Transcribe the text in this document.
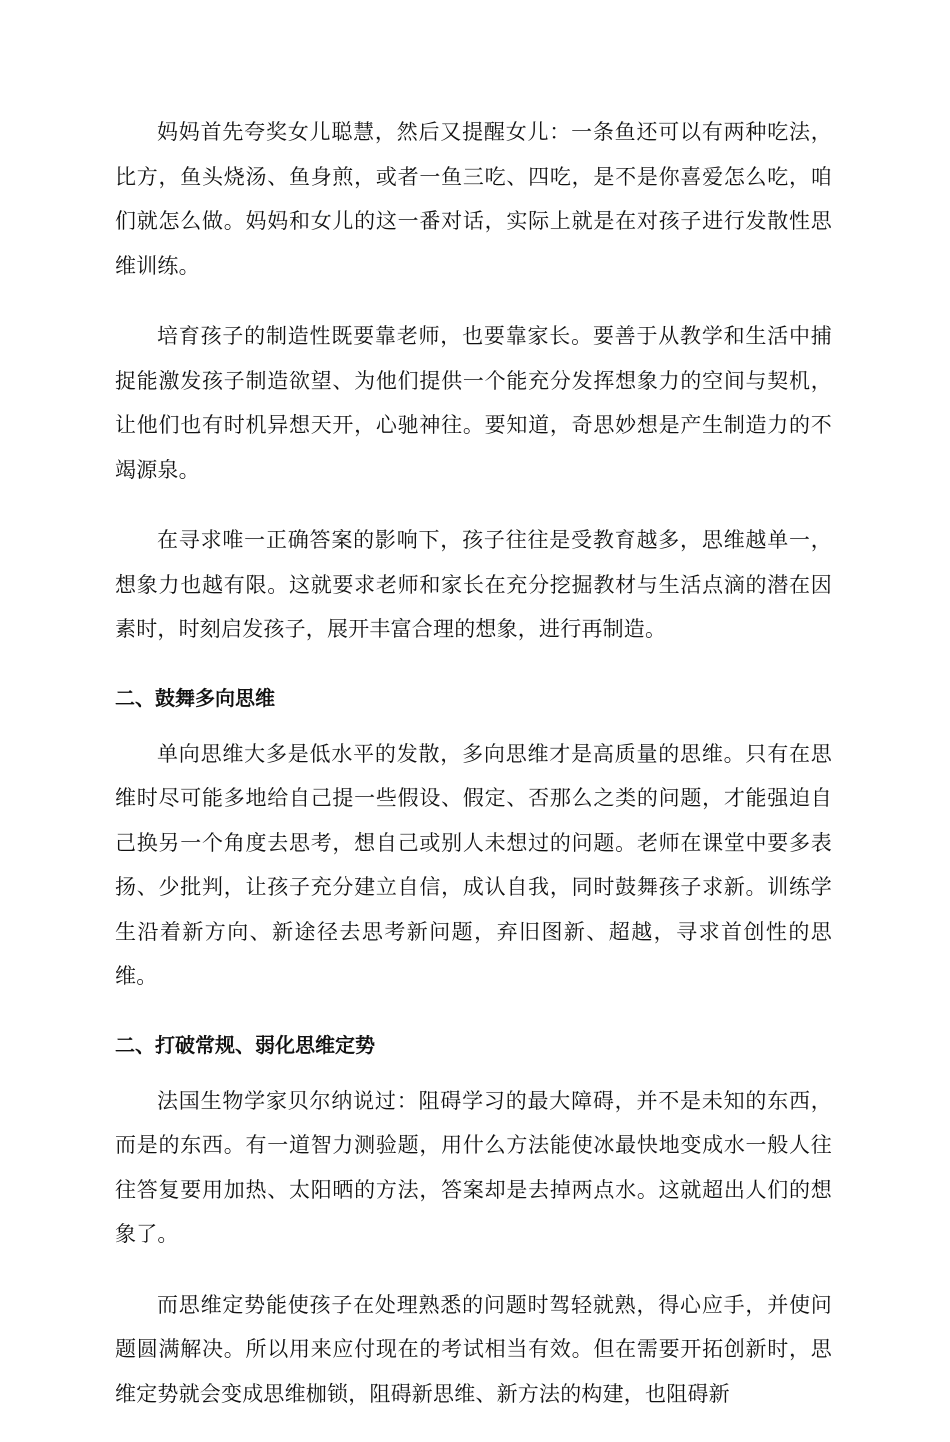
妈妈首先夸奖女儿聪慧，然后又提醒女儿：一条鱼还可以有两种吃法，比方，鱼头烧汤、鱼身煎，或者一鱼三吃、四吃，是不是你喜爱怎么吃，咱们就怎么做。妈妈和女儿的这一番对话，实际上就是在对孩子进行发散性思维训练。

培育孩子的制造性既要靠老师，也要靠家长。要善于从教学和生活中捕捉能激发孩子制造欲望、为他们提供一个能充分发挥想象力的空间与契机，让他们也有时机异想天开，心驰神往。要知道，奇思妙想是产生制造力的不竭源泉。

在寻求唯一正确答案的影响下，孩子往往是受教育越多，思维越单一，想象力也越有限。这就要求老师和家长在充分挖掘教材与生活点滴的潜在因素时，时刻启发孩子，展开丰富合理的想象，进行再制造。

二、鼓舞多向思维

单向思维大多是低水平的发散，多向思维才是高质量的思维。只有在思维时尽可能多地给自己提一些假设、假定、否那么之类的问题，才能强迫自己换另一个角度去思考，想自己或别人未想过的问题。老师在课堂中要多表扬、少批判，让孩子充分建立自信，成认自我，同时鼓舞孩子求新。训练学生沿着新方向、新途径去思考新问题，弃旧图新、超越，寻求首创性的思维。

二、打破常规、弱化思维定势

法国生物学家贝尔纳说过：阻碍学习的最大障碍，并不是未知的东西，而是的东西。有一道智力测验题，用什么方法能使冰最快地变成水一般人往往答复要用加热、太阳晒的方法，答案却是去掉两点水。这就超出人们的想象了。

而思维定势能使孩子在处理熟悉的问题时驾轻就熟，得心应手，并使问题圆满解决。所以用来应付现在的考试相当有效。但在需要开拓创新时，思维定势就会变成思维枷锁，阻碍新思维、新方法的构建，也阻碍新
